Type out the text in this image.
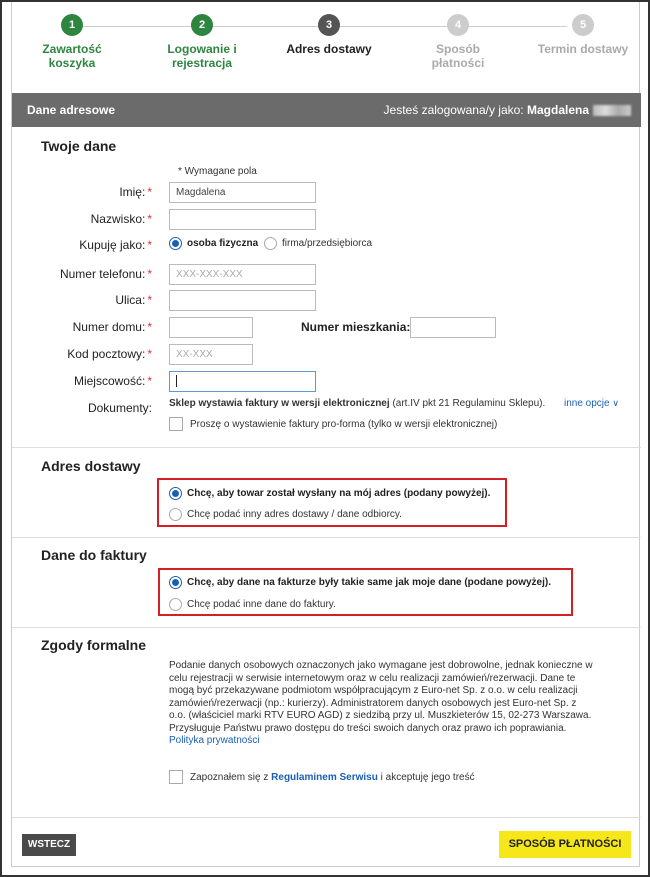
1
Zawartość koszyka
2
Logowanie i rejestracja
3
Adres dostawy
4
Sposób płatności
5
Termin dostawy
Dane adresowe	Jesteś zalogowana/y jako: Magdalena
Twoje dane
* Wymagane pola
Imię: *	Magdalena
Nazwisko: *
Kupuję jako: *	osoba fizyczna firma/przedsiębiorca
Numer telefonu: *	XXX-XXX-XXX
Ulica: *
Numer domu: *	Numer mieszkania:
Kod pocztowy: *	XX-XXX
Miejscowość: *
Dokumenty: Sklep wystawia faktury w wersji elektronicznej (art.IV pkt 21 Regulaminu Sklepu). inne opcje ∨
Proszę o wystawienie faktury pro-forma (tylko w wersji elektronicznej)
Adres dostawy
Chcę, aby towar został wysłany na mój adres (podany powyżej).
Chcę podać inny adres dostawy / dane odbiorcy.
Dane do faktury
Chcę, aby dane na fakturze były takie same jak moje dane (podane powyżej).
Chcę podać inne dane do faktury.
Zgody formalne
Podanie danych osobowych oznaczonych jako wymagane jest dobrowolne, jednak konieczne w
celu rejestracji w serwisie internetowym oraz w celu realizacji zamówień/rezerwacji. Dane te
mogą być przekazywane podmiotom współpracującym z Euro-net Sp. z o.o. w celu realizacji
zamówień/rezerwacji (np.: kurierzy). Administratorem danych osobowych jest Euro-net Sp. z
o.o. (właściciel marki RTV EURO AGD) z siedzibą przy ul. Muszkieterów 15, 02-273 Warszawa.
Przysługuje Państwu prawo dostępu do treści swoich danych oraz prawo ich poprawiania.
Polityka prywatności
Zapoznałem się z Regulaminem Serwisu i akceptuję jego treść
WSTECZ	SPOSÓB PŁATNOŚCI
